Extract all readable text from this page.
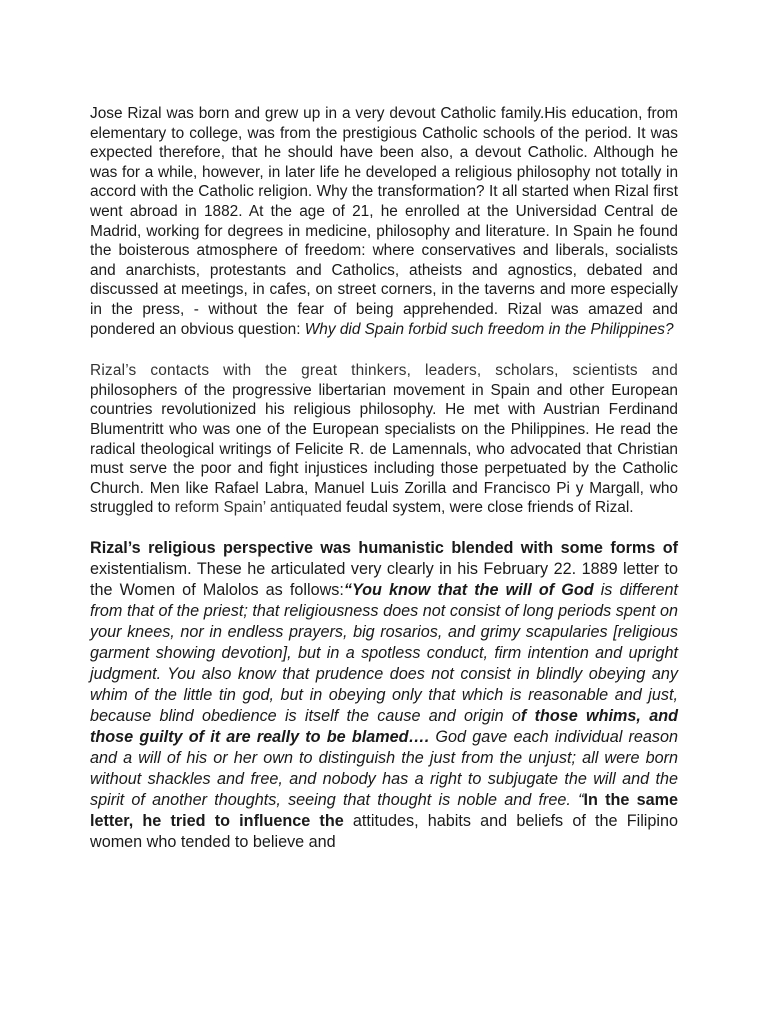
Jose Rizal was born and grew up in a very devout Catholic family.His education, from elementary to college, was from the prestigious Catholic schools of the period. It was expected therefore, that he should have been also, a devout Catholic. Although he was for a while, however, in later life he developed a religious philosophy not totally in accord with the Catholic religion. Why the transformation? It all started when Rizal first went abroad in 1882. At the age of 21, he enrolled at the Universidad Central de Madrid, working for degrees in medicine, philosophy and literature. In Spain he found the boisterous atmosphere of freedom: where conservatives and liberals, socialists and anarchists, protestants and Catholics, atheists and agnostics, debated and discussed at meetings, in cafes, on street corners, in the taverns and more especially in the press, - without the fear of being apprehended. Rizal was amazed and pondered an obvious question: Why did Spain forbid such freedom in the Philippines?

Rizal’s contacts with the great thinkers, leaders, scholars, scientists and philosophers of the progressive libertarian movement in Spain and other European countries revolutionized his religious philosophy. He met with Austrian Ferdinand Blumentritt who was one of the European specialists on the Philippines. He read the radical theological writings of Felicite R. de Lamennals, who advocated that Christian must serve the poor and fight injustices including those perpetuated by the Catholic Church. Men like Rafael Labra, Manuel Luis Zorilla and Francisco Pi y Margall, who struggled to reform Spain’ antiquated feudal system, were close friends of Rizal.

Rizal’s religious perspective was humanistic blended with some forms of existentialism. These he articulated very clearly in his February 22. 1889 letter to the Women of Malolos as follows:“You know that the will of God is different from that of the priest; that religiousness does not consist of long periods spent on your knees, nor in endless prayers, big rosarios, and grimy scapularies [religious garment showing devotion], but in a spotless conduct, firm intention and upright judgment. You also know that prudence does not consist in blindly obeying any whim of the little tin god, but in obeying only that which is reasonable and just, because blind obedience is itself the cause and origin of those whims, and those guilty of it are really to be blamed…. God gave each individual reason and a will of his or her own to distinguish the just from the unjust; all were born without shackles and free, and nobody has a right to subjugate the will and the spirit of another thoughts, seeing that thought is noble and free. “In the same letter, he tried to influence the attitudes, habits and beliefs of the Filipino women who tended to believe and
